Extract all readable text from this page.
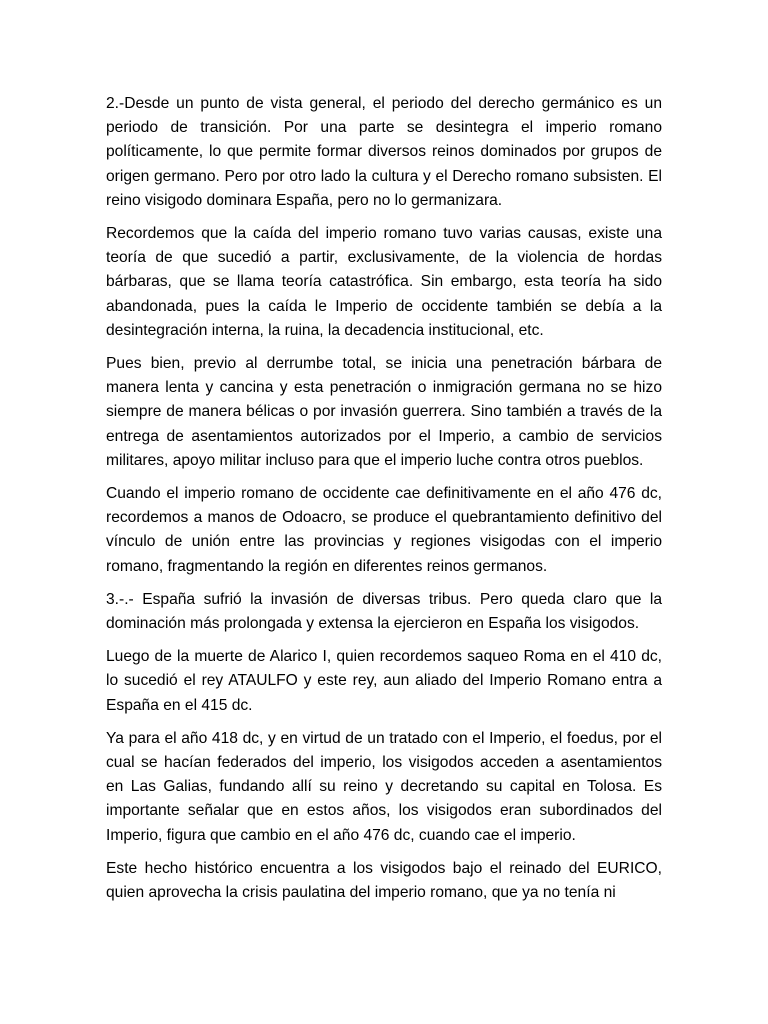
2.-Desde un punto de vista general, el periodo del derecho germánico es un periodo de transición. Por una parte se desintegra el imperio romano políticamente, lo que permite formar diversos reinos dominados por grupos de origen germano. Pero por otro lado la cultura y el Derecho romano subsisten. El reino visigodo dominara España, pero no lo germanizara.

Recordemos que la caída del imperio romano tuvo varias causas, existe una teoría de que sucedió a partir, exclusivamente, de la violencia de hordas bárbaras, que se llama teoría catastrófica. Sin embargo, esta teoría ha sido abandonada, pues la caída le Imperio de occidente también se debía a la desintegración interna, la ruina, la decadencia institucional, etc.

Pues bien, previo al derrumbe total, se inicia una penetración bárbara de manera lenta y cancina y esta penetración o inmigración germana no se hizo siempre de manera bélicas o por invasión guerrera. Sino también a través de la entrega de asentamientos autorizados por el Imperio, a cambio de servicios militares, apoyo militar incluso para que el imperio luche contra otros pueblos.

Cuando el imperio romano de occidente cae definitivamente en el año 476 dc, recordemos a manos de Odoacro, se produce el quebrantamiento definitivo del vínculo de unión entre las provincias y regiones visigodas con el imperio romano, fragmentando la región en diferentes reinos germanos.

3.-.- España sufrió la invasión de diversas tribus. Pero queda claro que la dominación más prolongada y extensa la ejercieron en España los visigodos.

Luego de la muerte de Alarico I, quien recordemos saqueo Roma en el 410 dc, lo sucedió el rey ATAULFO y este rey, aun aliado del Imperio Romano entra a España en el 415 dc.

Ya para el año 418 dc, y en virtud de un tratado con el Imperio, el foedus, por el cual se hacían federados del imperio, los visigodos acceden a asentamientos en Las Galias, fundando allí su reino y decretando su capital en Tolosa. Es importante señalar que en estos años, los visigodos eran subordinados del Imperio, figura que cambio en el año 476 dc, cuando cae el imperio.

Este hecho histórico encuentra a los visigodos bajo el reinado del EURICO, quien aprovecha la crisis paulatina del imperio romano, que ya no tenía ni
